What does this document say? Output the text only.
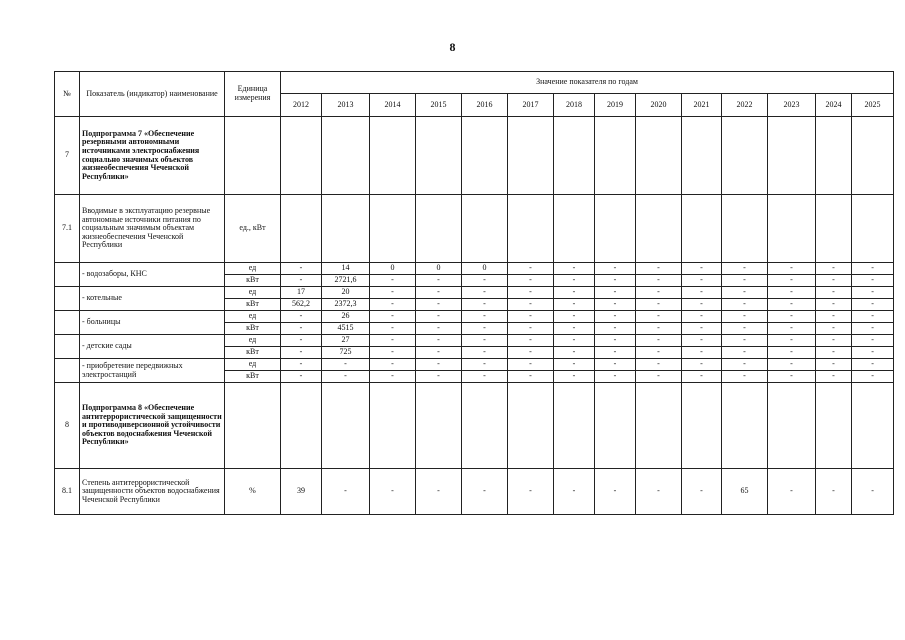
8
№	Показатель (индикатор) наименование	Единица измерения	Значение показателя по годам													
			2012	2013	2014	2015	2016	2017	2018	2019	2020	2021	2022	2023	2024	2025
7	Подпрограмма 7 «Обеспечение резервными автономными источниками электроснабжения социально значимых объектов жизнеобеспечения Чеченской Республики»															
7.1	Вводимые в эксплуатацию резервные автономные источники питания по социальным значимым объектам жизнеобеспечения Чеченской Республики	ед., кВт														
	- водозаборы, КНС	ед	-	14	0	0	0	-	-	-	-	-	-	-	-	-
		кВт	-	2721,6	-	-	-	-	-	-	-	-	-	-	-	-
	- котельные	ед	17	20	-	-	-	-	-	-	-	-	-	-	-	-
		кВт	562,2	2372,3	-	-	-	-	-	-	-	-	-	-	-	-
	- больницы	ед	-	26	-	-	-	-	-	-	-	-	-	-	-	-
		кВт	-	4515	-	-	-	-	-	-	-	-	-	-	-	-
	- детские сады	ед	-	27	-	-	-	-	-	-	-	-	-	-	-	-
		кВт	-	725	-	-	-	-	-	-	-	-	-	-	-	-
	- приобретение передвижных электростанций	ед	-	-	-	-	-	-	-	-	-	-	-	-	-	-
		кВт	-	-	-	-	-	-	-	-	-	-	-	-	-	-
8	Подпрограмма 8 «Обеспечение антитеррористической защищенности и противодиверсионной устойчивости объектов водоснабжения Чеченской Республики»															
8.1	Степень антитеррористической защищенности объектов водоснабжения Чеченской Республики	%	39	-	-	-	-	-	-	-	-	-	65	-	-	-
